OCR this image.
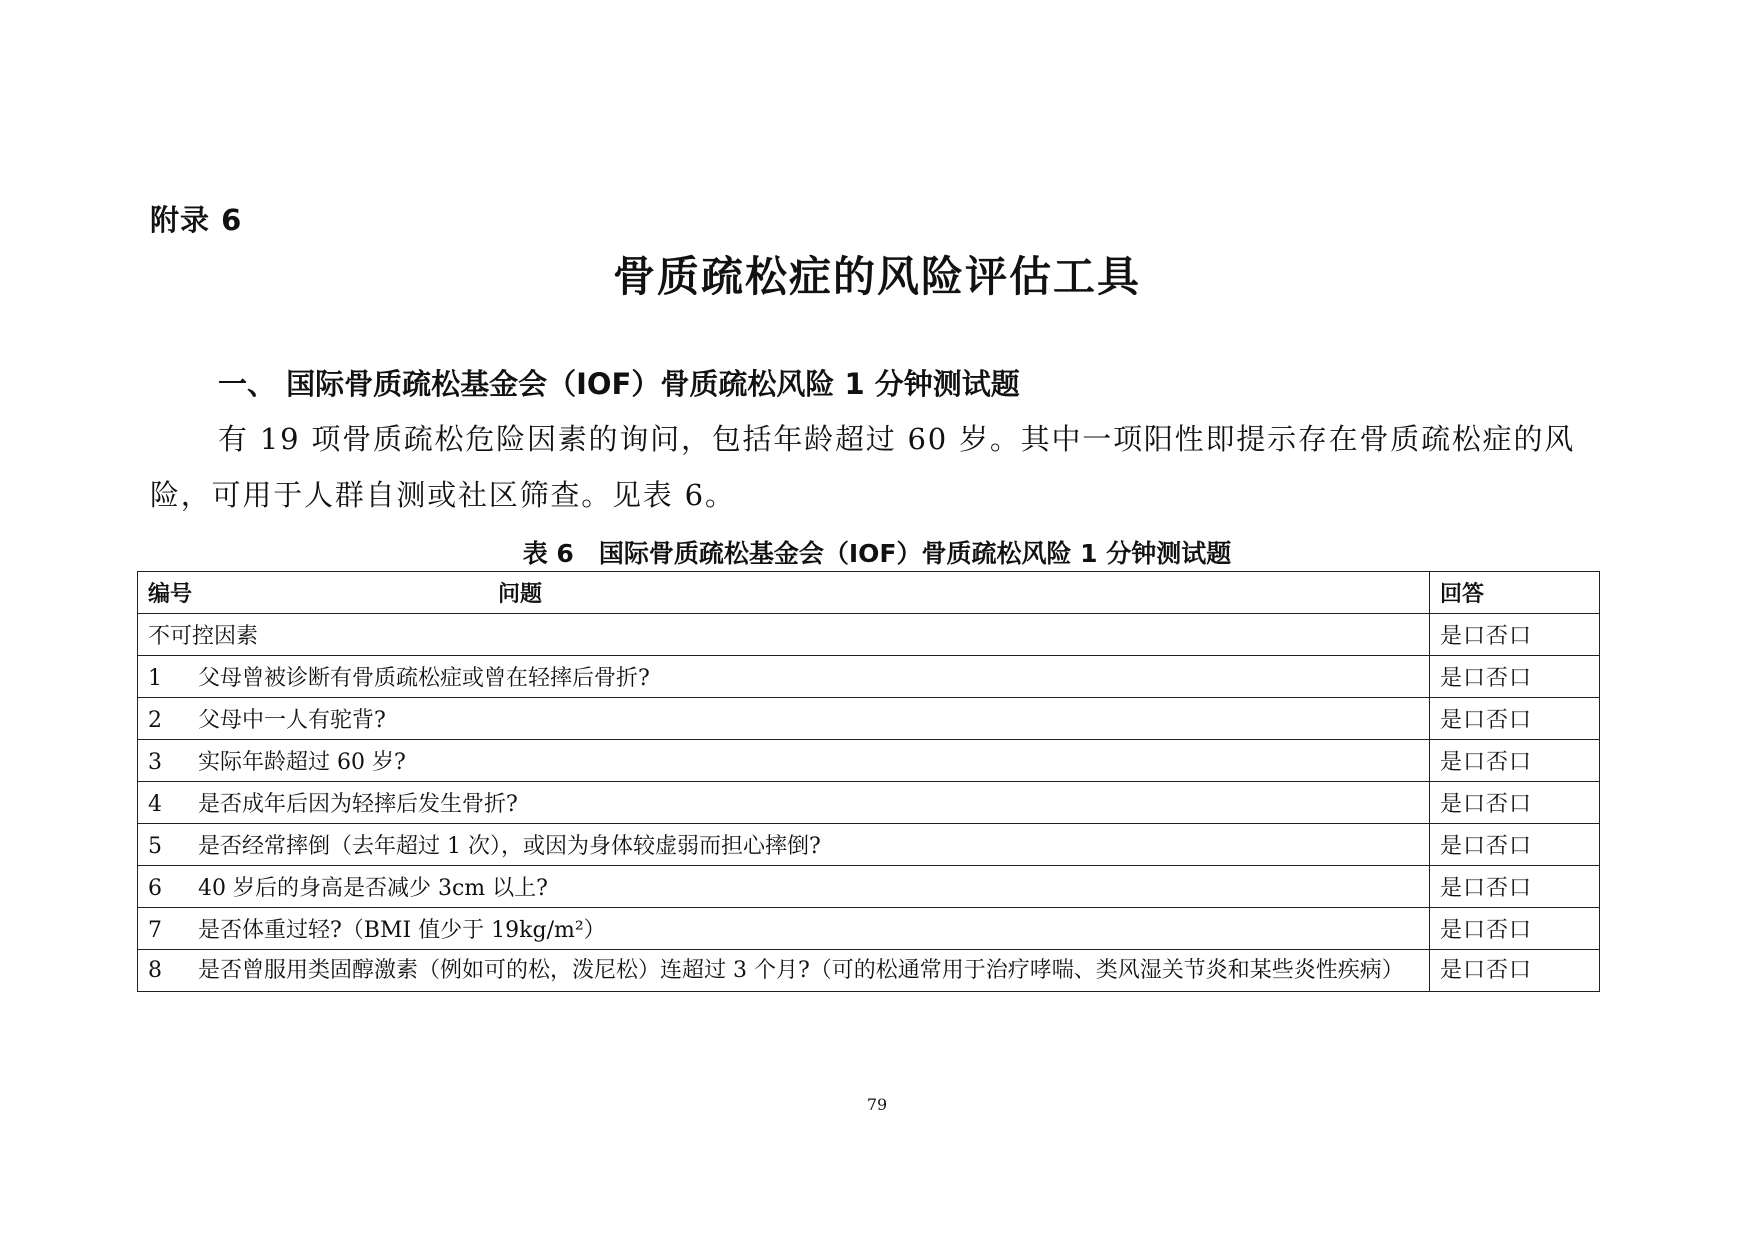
附录 6
骨质疏松症的风险评估工具
一、 国际骨质疏松基金会（IOF）骨质疏松风险 1 分钟测试题

有 19 项骨质疏松危险因素的询问，包括年龄超过 60 岁。其中一项阳性即提示存在骨质疏松症的风险，可用于人群自测或社区筛查。见表 6。

表 6　国际骨质疏松基金会（IOF）骨质疏松风险 1 分钟测试题
编号 问题	回答
不可控因素	是口否口
1 父母曾被诊断有骨质疏松症或曾在轻摔后骨折?	是口否口
2 父母中一人有驼背?	是口否口
3 实际年龄超过 60 岁?	是口否口
4 是否成年后因为轻摔后发生骨折?	是口否口
5 是否经常摔倒（去年超过 1 次），或因为身体较虚弱而担心摔倒?	是口否口
6 40 岁后的身高是否减少 3cm 以上?	是口否口
7 是否体重过轻?（BMI 值少于 19kg/m²）	是口否口

8 是否曾服用类固醇激素（例如可的松，泼尼松）连超过 3 个月?（可的松通常用于治疗哮喘、类风湿关节炎和某些炎性疾病）	是口否口
79
